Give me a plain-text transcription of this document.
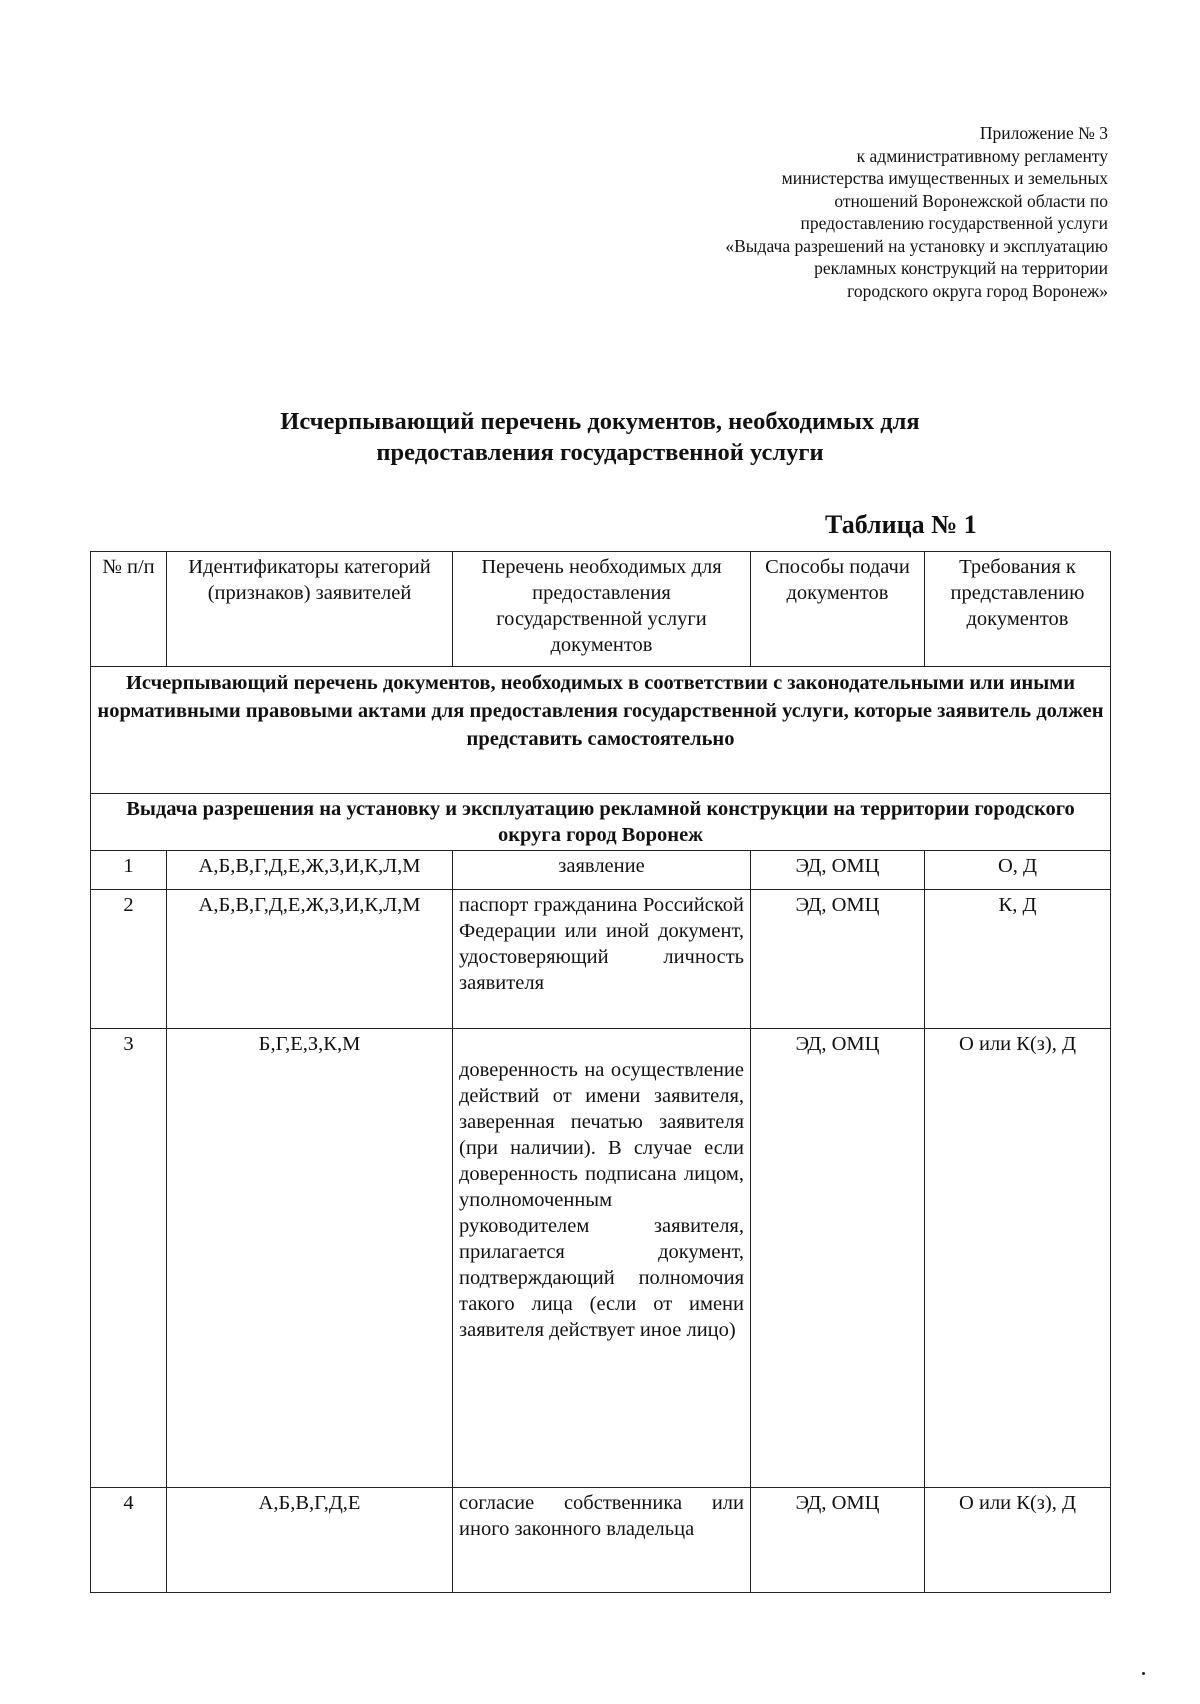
Приложение № 3
к административному регламенту
министерства имущественных и земельных
отношений Воронежской области по
предоставлению государственной услуги
«Выдача разрешений на установку и эксплуатацию
рекламных конструкций на территории
городского округа город Воронеж»
Исчерпывающий перечень документов, необходимых для
предоставления государственной услуги
Таблица № 1
№ п/п	Идентификаторы категорий (признаков) заявителей	Перечень необходимых для предоставления государственной услуги документов	Способы подачи документов	Требования к представлению документов
Исчерпывающий перечень документов, необходимых в соответствии с законодательными или иными нормативными правовыми актами для предоставления государственной услуги, которые заявитель должен представить самостоятельно				
Выдача разрешения на установку и эксплуатацию рекламной конструкции на территории городского округа город Воронеж				
1	А,Б,В,Г,Д,Е,Ж,З,И,К,Л,М	заявление	ЭД, ОМЦ	О, Д
2	А,Б,В,Г,Д,Е,Ж,З,И,К,Л,М	паспорт гражданина Российской Федерации или иной документ, удостоверяющий личность заявителя	ЭД, ОМЦ	К, Д
3	Б,Г,Е,З,К,М	доверенность на осуществление действий от имени заявителя, заверенная печатью заявителя (при наличии). В случае если доверенность подписана лицом, уполномоченным руководителем заявителя, прилагается документ, подтверждающий полномочия такого лица (если от имени заявителя действует иное лицо)	ЭД, ОМЦ	О или К(з), Д
4	А,Б,В,Г,Д,Е	согласие собственника или иного законного владельца	ЭД, ОМЦ	О или К(з), Д
